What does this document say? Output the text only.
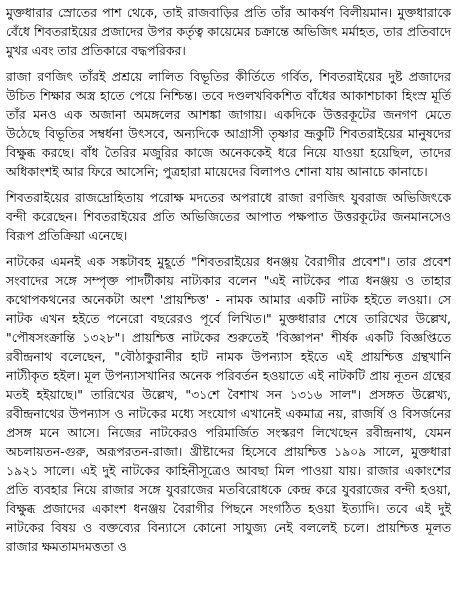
মুক্তধারার স্রোতের পাশ থেকে, তাই রাজবাড়ির প্রতি তাঁর আকর্ষণ বিলীয়মান। মুক্তধারাকে বেঁধে শিবতরাইয়ের প্রজাদের উপর কর্তৃত্ব কায়েমের চক্রান্তে অভিজিৎ মর্মাহত, তার প্রতিবাদে মুখর এবং তার প্রতিকারে বদ্ধপরিকর।

রাজা রণজিৎ তাঁরই প্রশ্রয়ে লালিত বিভূতির কীর্তিতে গর্বিত, শিবতরাইয়ের দুষ্ট প্রজাদের উচিত শিক্ষার অস্ত্র হাতে পেয়ে নিশ্চিন্ত। তবে দণ্ডলখবিকশিত বাঁধের আকাশচাকা হিংস্র মূর্তি তাঁর মনও এক অজানা অমঙ্গলের আশঙ্কা জাগায়। একদিকে উত্তরকূটের জনগণ মেতে উঠেছে বিভূতির সম্বর্ধনা উৎসবে, অন্যদিকে আগ্রাসী তৃষ্ণার ভ্রূকুটি শিবতরাইয়ের মানুষদের বিক্ষুব্ধ করছে। বাঁধ তৈরির মজুরির কাজে অনেককেই ধরে নিয়ে যাওয়া হয়েছিল, তাদের অধিকাংশই আর ফিরে আসেনি; পুত্রহারা মায়েদের বিলাপও শোনা যায় আনাচে কানাচে।

শিবতরাইয়ের রাজদ্রোহিতায় পরোক্ষ মদতের অপরাধে রাজা রণজিৎ যুবরাজ অভিজিৎকে বন্দী করেছেন। শিবতরাইয়ের প্রতি অভিজিতের আপাত পক্ষপাত উত্তরকূটের জনমানসেও বিরূপ প্রতিক্রিয়া এনেছে।

নাটকের এমনই এক সঙ্কটাবহ মুহূর্তে "শিবতরাইয়ের ধনঞ্জয় বৈরাগীর প্রবেশ"। তার প্রবেশ সংবাদের সঙ্গে সম্পৃক্ত পাদটীকায় নাট্যকার বলেন "এই নাটকের পাত্র ধনঞ্জয় ও তাহার কথোপকথনের অনেকটা অংশ 'প্রায়শ্চিত্ত' - নামক আমার একটি নাটক হইতে লওয়া। সে নাটক এখন হইতে পনেরো বছরেরও পূর্বে লিখিত।" মুক্তধারার শেষে তারিখের উল্লেখ, "পৌষসংক্রান্তি ১৩২৮"। প্রায়শ্চিত্ত নাটকের শুরুতেই 'বিজ্ঞাপন' শীর্ষক একটি বিজ্ঞপ্তিতে রবীন্দ্রনাথ বলেছেন, "বৌঠাকুরানীর হাট নামক উপন্যাস হইতে এই প্রায়শ্চিত্ত গ্রন্থখানি নাট্যীকৃত হইল। মূল উপন্যাসখানির অনেক পরিবর্তন হওয়াতে এই নাটকটি প্রায় নূতন গ্রন্থের মতই হইয়াছে।" তারিখের উল্লেখ, "৩১শে বৈশাখ সন ১৩১৬ সাল"। প্রসঙ্গত উল্লেখ্য, রবীন্দ্রনাথের উপন্যাস ও নাটকের মধ্যে সংযোগ এখানেই একমাত্র নয়, রাজর্ষি ও বিসর্জনের প্রসঙ্গ মনে আসে। নিজের নাটকেরও পরিমার্জিত সংস্করণ লিখেছেন রবীন্দ্রনাথ, যেমন অচলায়তন-গুরু, অরূপরতন-রাজা। খ্রীষ্টাব্দের হিসেবে প্রায়শ্চিত্ত ১৯০৯ সালে, মুক্তধারা ১৯২১ সালে। এই দুই নাটকের কাহিনীসূত্রেও আবছা মিল পাওয়া যায়। রাজার একাংশের প্রতি ব্যবহার নিয়ে রাজার সঙ্গে যুবরাজের মতবিরোধকে কেন্দ্র করে যুবরাজের বন্দী হওয়া, বিক্ষুব্ধ প্রজাদের একাংশ ধনঞ্জয় বৈরাগীর পিছনে সংগঠিত হওয়া ইত্যাদি। তবে এই দুই নাটকের বিষয় ও বক্তব্যের বিন্যাসে কোনো সাযুজ্য নেই বললেই চলে। প্রায়শ্চিত্ত মূলত রাজার ক্ষমতামদমত্ততা ও
